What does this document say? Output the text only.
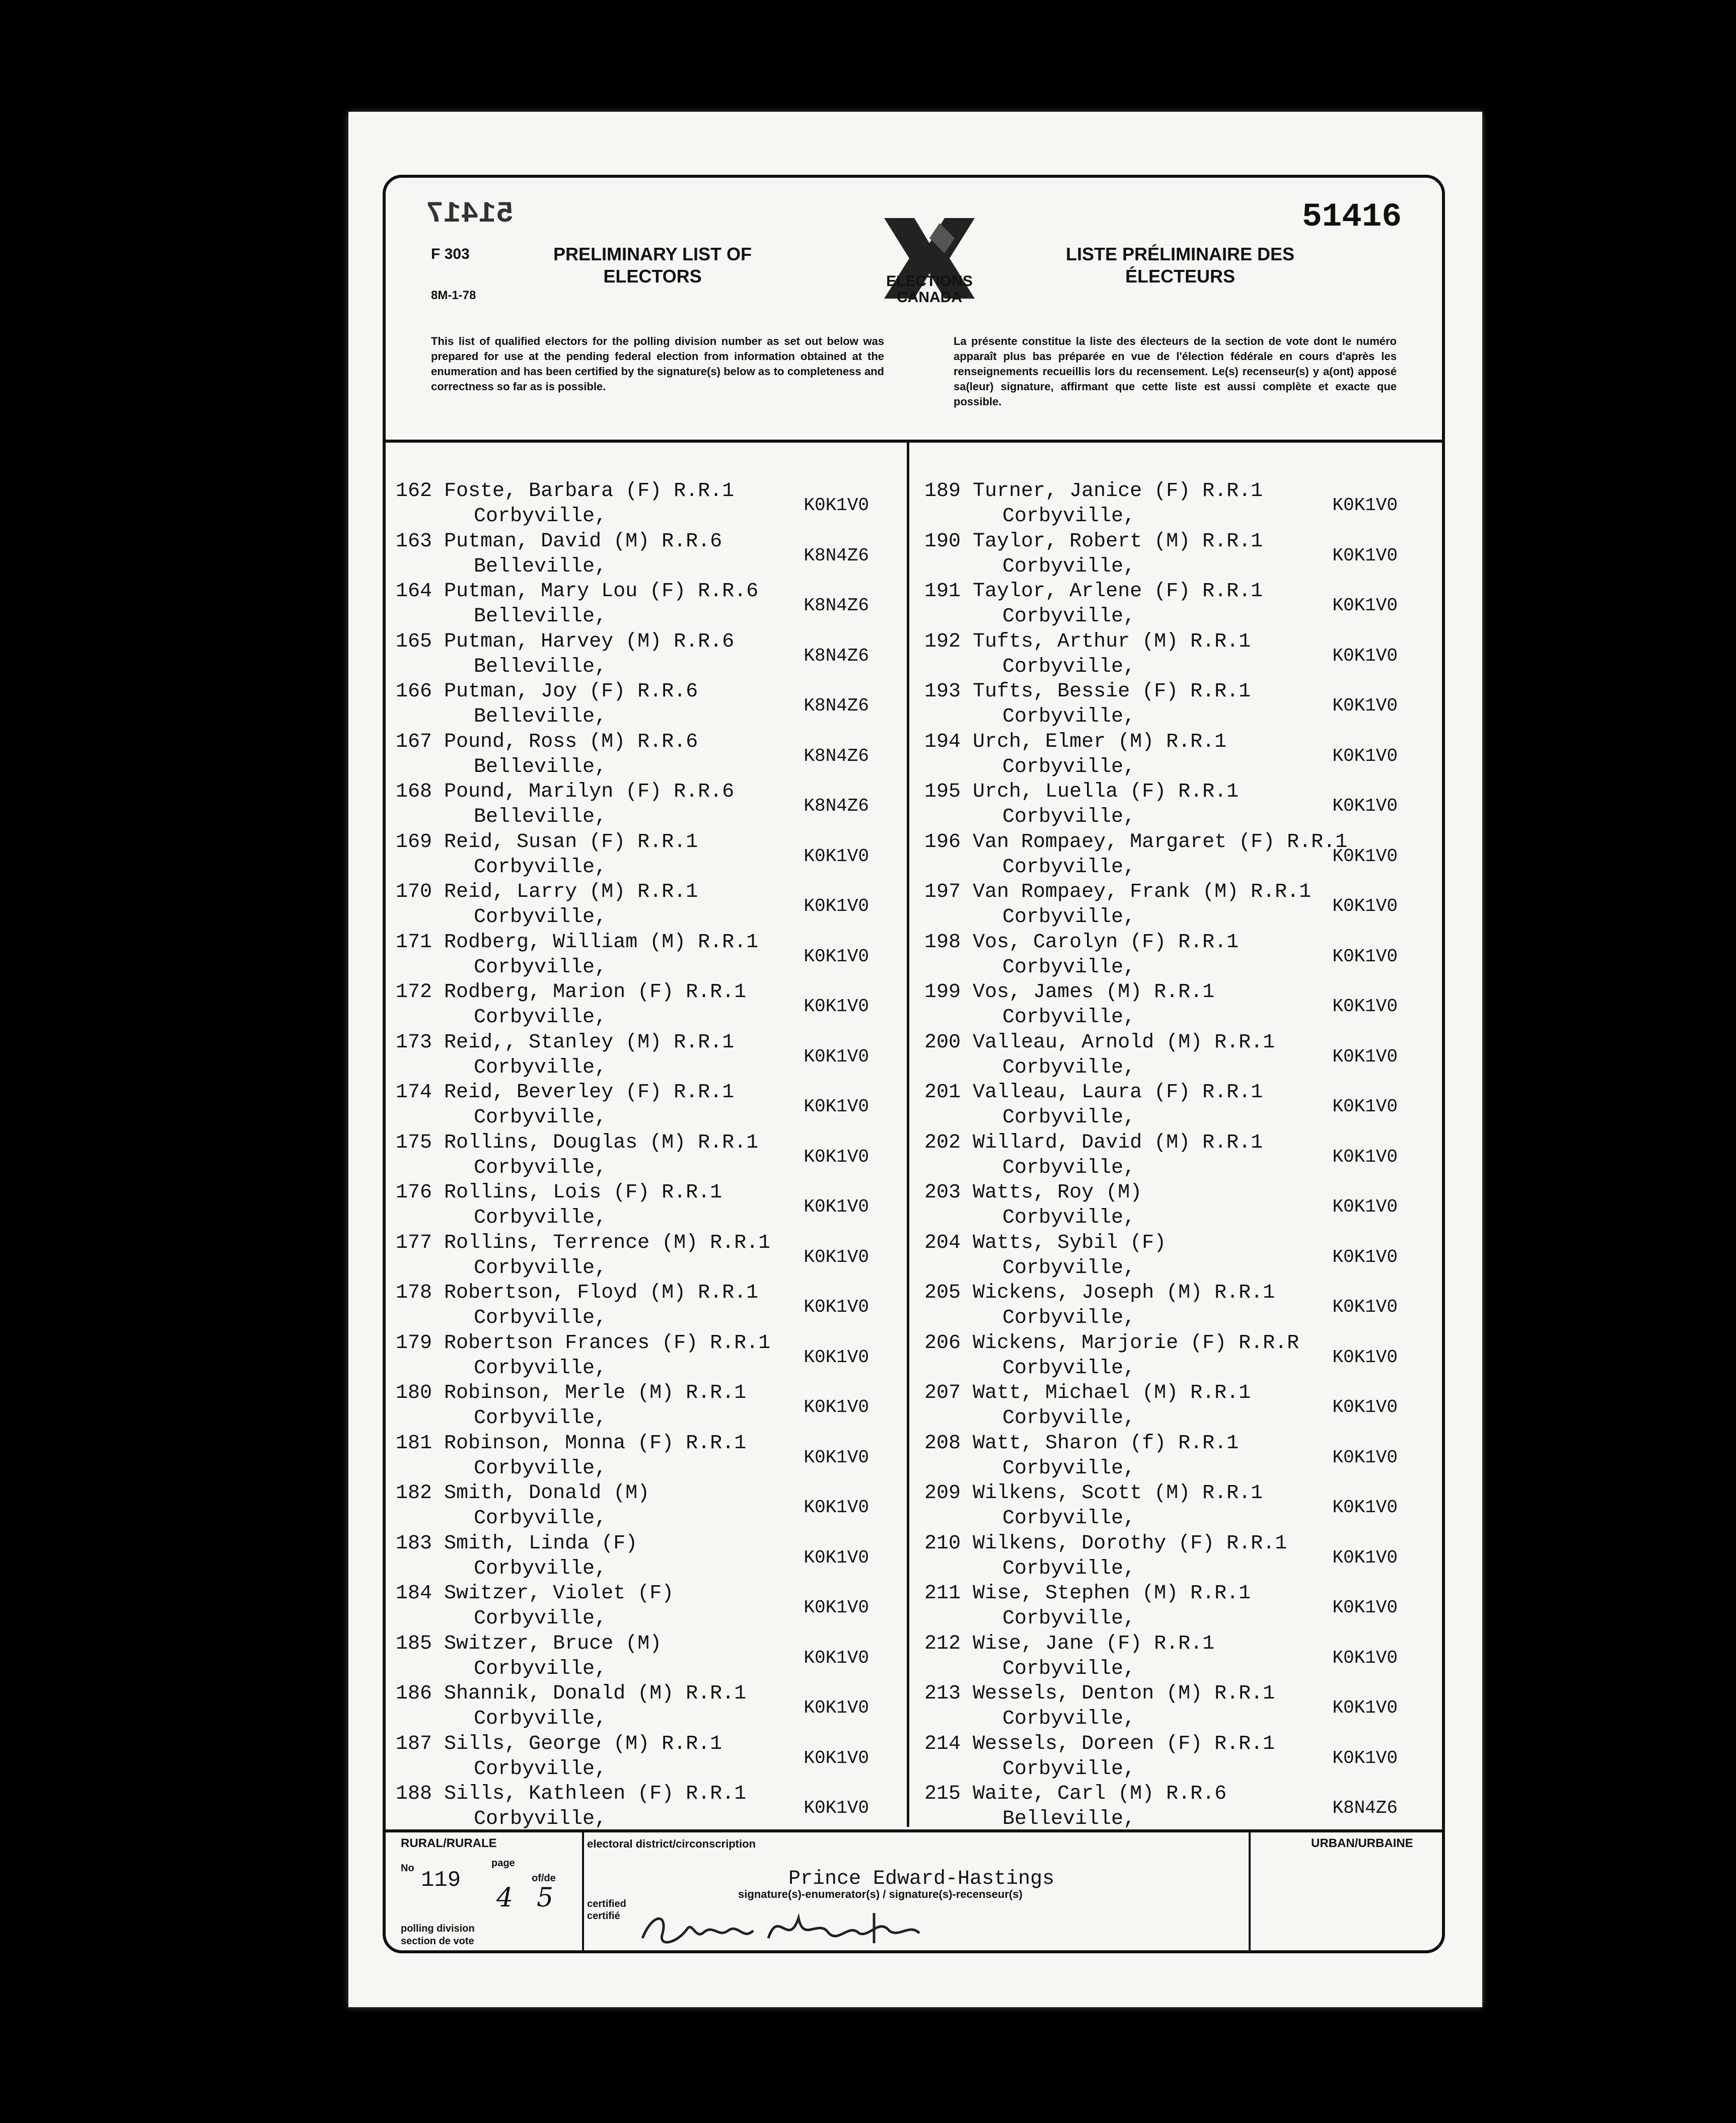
51417	51416
F 303
8M-1-78
PRELIMINARY LIST OF ELECTORS	ELECTIONS
CANADA
LISTE PRÉLIMINAIRE DES ÉLECTEURS
This list of qualified electors for the polling division number as set out below was prepared for use at the pending federal election from information obtained at the enumeration and has been certified by the signature(s) below as to completeness and correctness so far as is possible.
La présente constitue la liste des électeurs de la section de vote dont le numéro apparaît plus bas préparée en vue de l'élection fédérale en cours d'après les renseignements recueillis lors du recensement. Le(s) recenseur(s) y a(ont) apposé sa(leur) signature, affirmant que cette liste est aussi complète et exacte que possible.
162 Foste, Barbara (F) R.R.1
Corbyville,	K0K1V0
163 Putman, David (M) R.R.6
Belleville,	K8N4Z6
164 Putman, Mary Lou (F) R.R.6
Belleville,	K8N4Z6
165 Putman, Harvey (M) R.R.6
Belleville,	K8N4Z6
166 Putman, Joy (F) R.R.6
Belleville,	K8N4Z6
167 Pound, Ross (M) R.R.6
Belleville,	K8N4Z6
168 Pound, Marilyn (F) R.R.6
Belleville,	K8N4Z6
169 Reid, Susan (F) R.R.1
Corbyville,	K0K1V0
170 Reid, Larry (M) R.R.1
Corbyville,	K0K1V0
171 Rodberg, William (M) R.R.1
Corbyville,	K0K1V0
172 Rodberg, Marion (F) R.R.1
Corbyville,	K0K1V0
173 Reid,, Stanley (M) R.R.1
Corbyville,	K0K1V0
174 Reid, Beverley (F) R.R.1
Corbyville,	K0K1V0
175 Rollins, Douglas (M) R.R.1
Corbyville,	K0K1V0
176 Rollins, Lois (F) R.R.1
Corbyville,	K0K1V0
177 Rollins, Terrence (M) R.R.1
Corbyville,	K0K1V0
178 Robertson, Floyd (M) R.R.1
Corbyville,	K0K1V0
179 Robertson Frances (F) R.R.1
Corbyville,	K0K1V0
180 Robinson, Merle (M) R.R.1
Corbyville,	K0K1V0
181 Robinson, Monna (F) R.R.1
Corbyville,	K0K1V0
182 Smith, Donald (M)
Corbyville,	K0K1V0
183 Smith, Linda (F)
Corbyville,	K0K1V0
184 Switzer, Violet (F)
Corbyville,	K0K1V0
185 Switzer, Bruce (M)
Corbyville,	K0K1V0
186 Shannik, Donald (M) R.R.1
Corbyville,	K0K1V0
187 Sills, George (M) R.R.1
Corbyville,	K0K1V0
188 Sills, Kathleen (F) R.R.1
Corbyville,	K0K1V0
189 Turner, Janice (F) R.R.1
Corbyville,	K0K1V0
190 Taylor, Robert (M) R.R.1
Corbyville,	K0K1V0
191 Taylor, Arlene (F) R.R.1
Corbyville,	K0K1V0
192 Tufts, Arthur (M) R.R.1
Corbyville,	K0K1V0
193 Tufts, Bessie (F) R.R.1
Corbyville,	K0K1V0
194 Urch, Elmer (M) R.R.1
Corbyville,	K0K1V0
195 Urch, Luella (F) R.R.1
Corbyville,	K0K1V0
196 Van Rompaey, Margaret (F) R.R.1
Corbyville,	K0K1V0
197 Van Rompaey, Frank (M) R.R.1
Corbyville,	K0K1V0
198 Vos, Carolyn (F) R.R.1
Corbyville,	K0K1V0
199 Vos, James (M) R.R.1
Corbyville,	K0K1V0
200 Valleau, Arnold (M) R.R.1
Corbyville,	K0K1V0
201 Valleau, Laura (F) R.R.1
Corbyville,	K0K1V0
202 Willard, David (M) R.R.1
Corbyville,	K0K1V0
203 Watts, Roy (M)
Corbyville,	K0K1V0
204 Watts, Sybil (F)
Corbyville,	K0K1V0
205 Wickens, Joseph (M) R.R.1
Corbyville,	K0K1V0
206 Wickens, Marjorie (F) R.R.R
Corbyville,	K0K1V0
207 Watt, Michael (M) R.R.1
Corbyville,	K0K1V0
208 Watt, Sharon (f) R.R.1
Corbyville,	K0K1V0
209 Wilkens, Scott (M) R.R.1
Corbyville,	K0K1V0
210 Wilkens, Dorothy (F) R.R.1
Corbyville,	K0K1V0
211 Wise, Stephen (M) R.R.1
Corbyville,	K0K1V0
212 Wise, Jane (F) R.R.1
Corbyville,	K0K1V0
213 Wessels, Denton (M) R.R.1
Corbyville,	K0K1V0
214 Wessels, Doreen (F) R.R.1
Corbyville,	K0K1V0
215 Waite, Carl (M) R.R.6
Belleville,	K8N4Z6
RURAL/RURALE
No	page
119
4
of/de
5
polling division
section de vote
electoral district/circonscription
Prince Edward-Hastings
signature(s)-enumerator(s) / signature(s)-recenseur(s)
certified
certifié
URBAN/URBAINE
